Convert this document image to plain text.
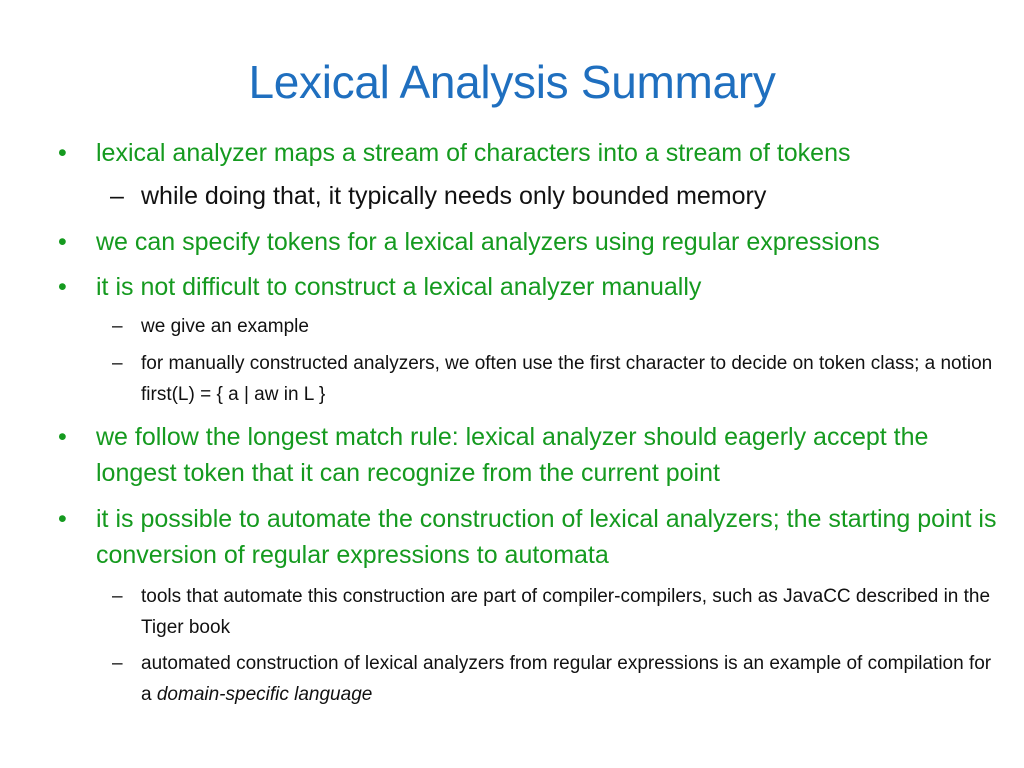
Lexical Analysis Summary
• lexical analyzer maps a stream of characters into a stream of tokens
– while doing that, it typically needs only bounded memory
• we can specify tokens for a lexical analyzers using regular expressions
• it is not difficult to construct a lexical analyzer manually
– we give an example
– for manually constructed analyzers, we often use the first character to decide on token class; a notion first(L) = { a | aw in L }
• we follow the longest match rule: lexical analyzer should eagerly accept the longest token that it can recognize from the current point
• it is possible to automate the construction of lexical analyzers; the starting point is conversion of regular expressions to automata
– tools that automate this construction are part of compiler-compilers, such as JavaCC described in the Tiger book
– automated construction of lexical analyzers from regular expressions is an example of compilation for a domain-specific language
